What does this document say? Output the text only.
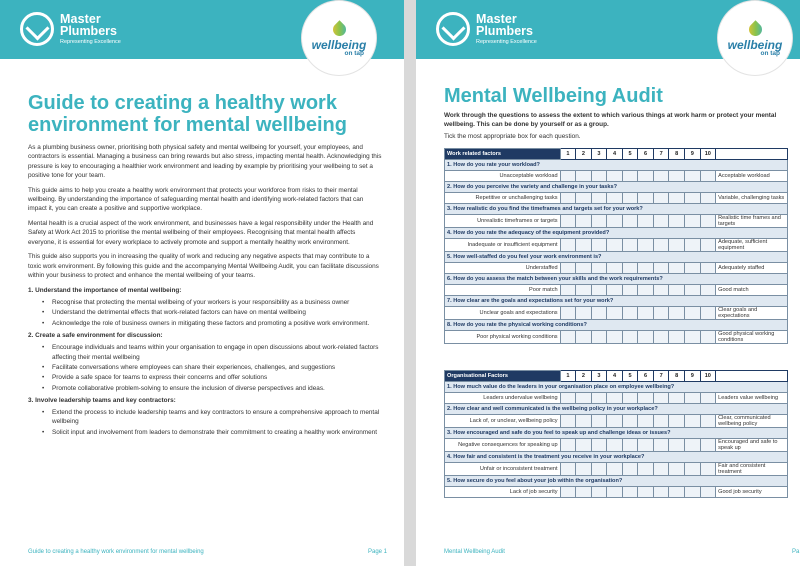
Master
Plumbers
Representing Excellence	wellbeing
on tap
Guide to creating a healthy work environment for mental wellbeing

As a plumbing business owner, prioritising both physical safety and mental wellbeing for yourself, your employees, and contractors is essential. Managing a business can bring rewards but also stress, impacting mental health. Acknowledging this pressure is key to encouraging a healthier work environment and leading by example by prioritising your wellbeing to set a positive tone for your team.

This guide aims to help you create a healthy work environment that protects your workforce from risks to their mental wellbeing. By understanding the importance of safeguarding mental health and identifying work-related factors that can impact it, you can create a positive and supportive workplace.

Mental health is a crucial aspect of the work environment, and businesses have a legal responsibility under the Health and Safety at Work Act 2015 to prioritise the mental wellbeing of their employees. Recognising that mental health affects everyone, it is essential for every workplace to actively promote and support a mentally healthy work environment.

This guide also supports you in increasing the quality of work and reducing any negative aspects that may contribute to a toxic work environment. By following this guide and the accompanying Mental Wellbeing Audit, you can facilitate discussions within your business to protect and enhance the mental wellbeing of your teams.

1. Understand the importance of mental wellbeing:
• Recognise that protecting the mental wellbeing of your workers is your responsibility as a business owner
• Understand the detrimental effects that work-related factors can have on mental wellbeing
• Acknowledge the role of business owners in mitigating these factors and promoting a positive work environment.
2. Create a safe environment for discussion:
• Encourage individuals and teams within your organisation to engage in open discussions about work-related factors affecting their mental wellbeing
• Facilitate conversations where employees can share their experiences, challenges, and suggestions
• Provide a safe space for teams to express their concerns and offer solutions
• Promote collaborative problem-solving to ensure the inclusion of diverse perspectives and ideas.
3. Involve leadership teams and key contractors:
• Extend the process to include leadership teams and key contractors to ensure a comprehensive approach to mental wellbeing
• Solicit input and involvement from leaders to demonstrate their commitment to creating a healthy work environment
Guide to creating a healthy work environment for mental wellbeing	Page 1
Master
Plumbers
Representing Excellence	wellbeing
on tap
Mental Wellbeing Audit
Work through the questions to assess the extent to which various things at work harm or protect your mental wellbeing. This can be done by yourself or as a group.
Tick the most appropriate box for each question.
Work related factors	1	2	3	4	5	6	7	8	9	10	
1. How do you rate your workload?											
Unacceptable workload											Acceptable workload
2. How do you perceive the variety and challenge in your tasks?											
Repetitive or unchallenging tasks											Variable, challenging tasks
3. How realistic do you find the timeframes and targets set for your work?											
Unrealistic timeframes or targets											Realistic time frames and targets
4. How do you rate the adequacy of the equipment provided?											
Inadequate or insufficient equipment											Adequate, sufficient equipment
5. How well-staffed do you feel your work environment is?											
Understaffed											Adequately staffed
6. How do you assess the match between your skills and the work requirements?											
Poor match											Good match
7. How clear are the goals and expectations set for your work?											
Unclear goals and expectations											Clear goals and expectations
8. How do you rate the physical working conditions?											
Poor physical working conditions											Good physical working conditions
Organisational Factors	1	2	3	4	5	6	7	8	9	10	
1. How much value do the leaders in your organisation place on employee wellbeing?											
Leaders undervalue wellbeing											Leaders value wellbeing
2. How clear and well communicated is the wellbeing policy in your workplace?											
Lack of, or unclear, wellbeing policy											Clear, communicated wellbeing policy
3. How encouraged and safe do you feel to speak up and challenge ideas or issues?											
Negative consequences for speaking up											Encouraged and safe to speak up
4. How fair and consistent is the treatment you receive in your workplace?											
Unfair or inconsistent treatment											Fair and consistent treatment
5. How secure do you feel about your job within the organisation?											
Lack of job security											Good job security
Mental Wellbeing Audit	Pa
